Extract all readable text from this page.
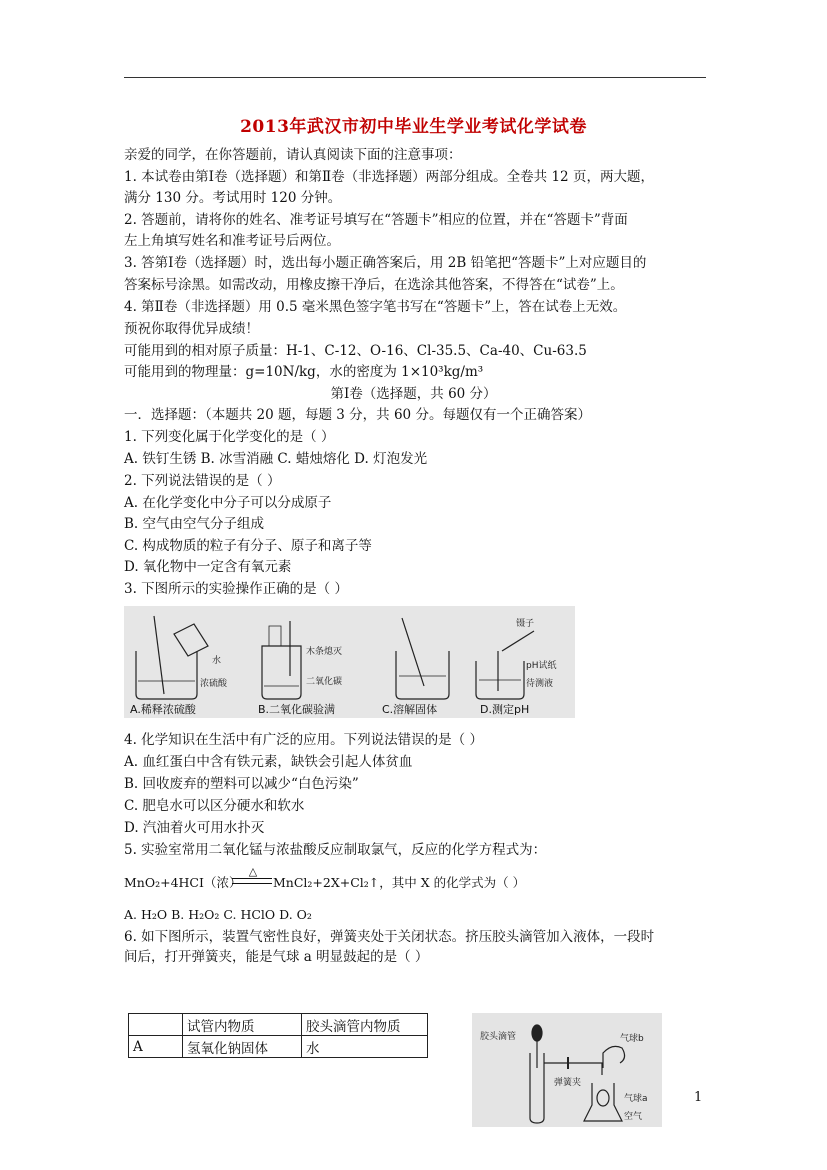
2013年武汉市初中毕业生学业考试化学试卷
亲爱的同学，在你答题前，请认真阅读下面的注意事项：
1. 本试卷由第Ⅰ卷（选择题）和第Ⅱ卷（非选择题）两部分组成。全卷共 12 页，两大题，
满分 130 分。考试用时 120 分钟。
2. 答题前，请将你的姓名、准考证号填写在“答题卡”相应的位置，并在“答题卡”背面
左上角填写姓名和准考证号后两位。
3. 答第Ⅰ卷（选择题）时，选出每小题正确答案后，用 2B 铅笔把“答题卡”上对应题目的
答案标号涂黑。如需改动，用橡皮擦干净后，在选涂其他答案，不得答在“试卷”上。
4. 第Ⅱ卷（非选择题）用 0.5 毫米黑色签字笔书写在“答题卡”上，答在试卷上无效。
预祝你取得优异成绩！
可能用到的相对原子质量：H-1、C-12、O-16、Cl-35.5、Ca-40、Cu-63.5
可能用到的物理量：g=10N/kg，水的密度为 1×10³kg/m³
第Ⅰ卷（选择题，共 60 分）
一．选择题：（本题共 20 题，每题 3 分，共 60 分。每题仅有一个正确答案）
1. 下列变化属于化学变化的是（ ）
A. 铁钉生锈 B. 冰雪消融 C. 蜡烛熔化 D. 灯泡发光
2. 下列说法错误的是（ ）
A. 在化学变化中分子可以分成原子
B. 空气由空气分子组成
C. 构成物质的粒子有分子、原子和离子等
D. 氧化物中一定含有氧元素
3. 下图所示的实验操作正确的是（ ）
水
浓硫酸
木条熄灭
二氧化碳
镊子
pH试纸
待测液
A.稀释浓硫酸	B.二氧化碳验满	C.溶解固体	D.测定pH
4. 化学知识在生活中有广泛的应用。下列说法错误的是（ ）
A. 血红蛋白中含有铁元素，缺铁会引起人体贫血
B. 回收废弃的塑料可以减少“白色污染”
C. 肥皂水可以区分硬水和软水
D. 汽油着火可用水扑灭
5. 实验室常用二氧化锰与浓盐酸反应制取氯气，反应的化学方程式为：
MnO₂+4HCI（浓）
△
MnCl₂+2X+Cl₂↑，其中 X 的化学式为（ ）
A. H₂O B. H₂O₂ C. HClO D. O₂
6. 如下图所示，装置气密性良好，弹簧夹处于关闭状态。挤压胶头滴管加入液体，一段时
间后，打开弹簧夹，能是气球 a 明显鼓起的是（ ）
	试管内物质	胶头滴管内物质
A	氢氧化钠固体	水
胶头滴管	气球b
弹簧夹
气球a
空气
1
